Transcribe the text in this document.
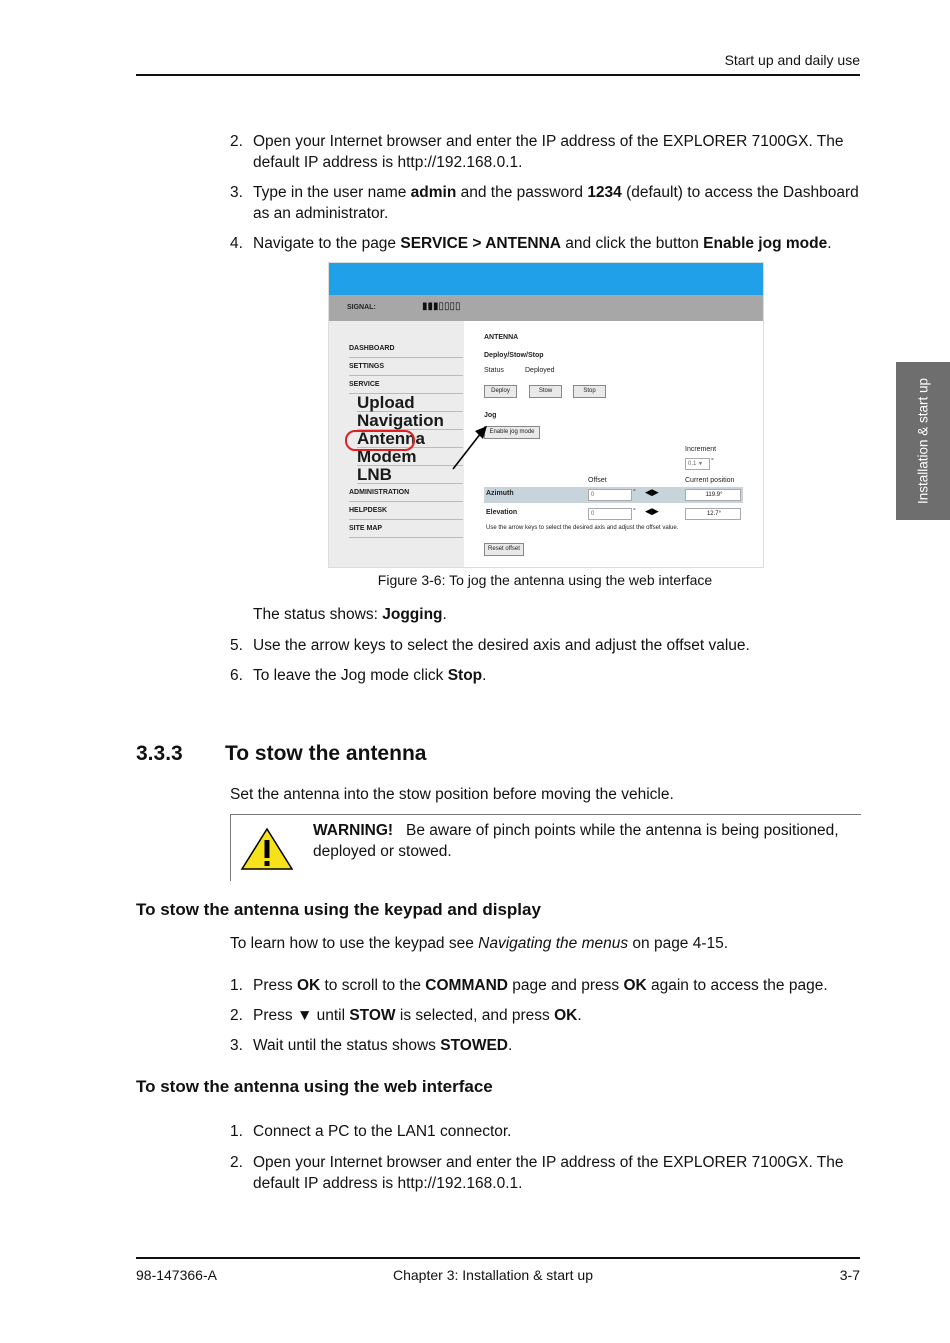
Start up and daily use
Installation & start up
2. Open your Internet browser and enter the IP address of the EXPLORER 7100GX. The default IP address is http://192.168.0.1.
3. Type in the user name admin and the password 1234 (default) to access the Dashboard as an administrator.
4. Navigate to the page SERVICE > ANTENNA and click the button Enable jog mode.
SIGNAL:	▮▮▮▯▯▯▯
DASHBOARD
SETTINGS
SERVICE
Upload
Navigation
Antenna
Modem
LNB
ADMINISTRATION
HELPDESK
SITE MAP
ANTENNA
Deploy/Stow/Stop
Status	Deployed
Deploy	Stow	Stop
Jog
Enable jog mode
Increment
0.1 ▼	°
Offset	Current position
Azimuth	0	° ◀▶	119.9°
Elevation	0	° ◀▶	12.7°
Use the arrow keys to select the desired axis and adjust the offset value.
Reset offset
Figure 3-6: To jog the antenna using the web interface
The status shows: Jogging.
5. Use the arrow keys to select the desired axis and adjust the offset value.
6. To leave the Jog mode click Stop.
3.3.3 To stow the antenna
Set the antenna into the stow position before moving the vehicle.
WARNING! Be aware of pinch points while the antenna is being positioned, deployed or stowed.
To stow the antenna using the keypad and display
To learn how to use the keypad see Navigating the menus on page 4-15.
1. Press OK to scroll to the COMMAND page and press OK again to access the page.
2. Press ▼ until STOW is selected, and press OK.
3. Wait until the status shows STOWED.
To stow the antenna using the web interface
1. Connect a PC to the LAN1 connector.
2. Open your Internet browser and enter the IP address of the EXPLORER 7100GX. The default IP address is http://192.168.0.1.
98-147366-A	Chapter 3: Installation & start up	3-7
